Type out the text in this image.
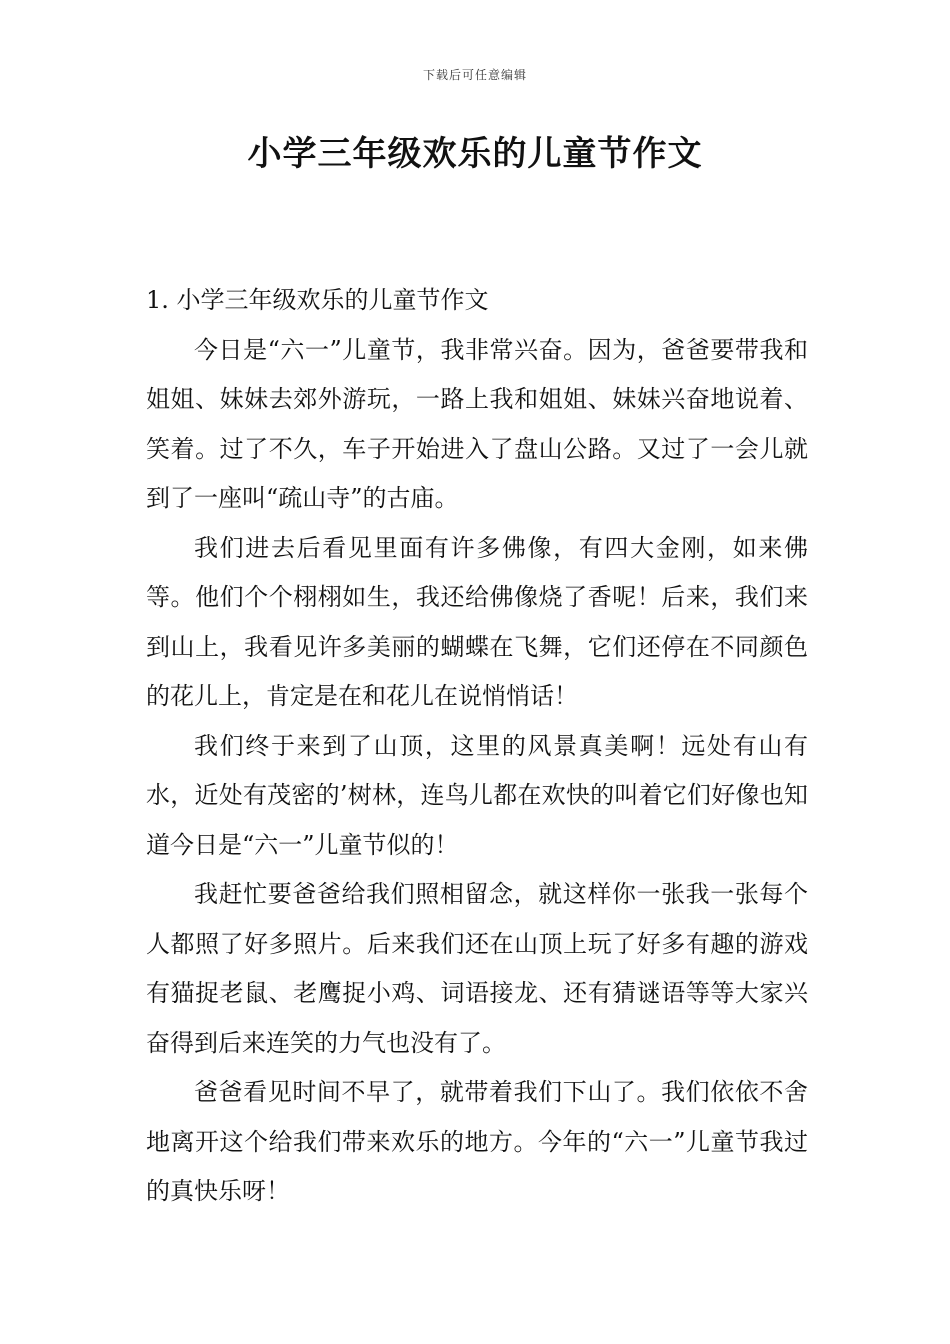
下载后可任意编辑
小学三年级欢乐的儿童节作文

1. 小学三年级欢乐的儿童节作文

今日是“六一”儿童节，我非常兴奋。因为，爸爸要带我和姐姐、妹妹去郊外游玩，一路上我和姐姐、妹妹兴奋地说着、笑着。过了不久，车子开始进入了盘山公路。又过了一会儿就到了一座叫“疏山寺”的古庙。

我们进去后看见里面有许多佛像，有四大金刚，如来佛等。他们个个栩栩如生，我还给佛像烧了香呢！后来，我们来到山上，我看见许多美丽的蝴蝶在飞舞，它们还停在不同颜色的花儿上，肯定是在和花儿在说悄悄话！

我们终于来到了山顶，这里的风景真美啊！远处有山有水，近处有茂密的’树林，连鸟儿都在欢快的叫着它们好像也知道今日是“六一”儿童节似的！

我赶忙要爸爸给我们照相留念，就这样你一张我一张每个人都照了好多照片。后来我们还在山顶上玩了好多有趣的游戏有猫捉老鼠、老鹰捉小鸡、词语接龙、还有猜谜语等等大家兴奋得到后来连笑的力气也没有了。

爸爸看见时间不早了，就带着我们下山了。我们依依不舍地离开这个给我们带来欢乐的地方。今年的“六一”儿童节我过的真快乐呀！
